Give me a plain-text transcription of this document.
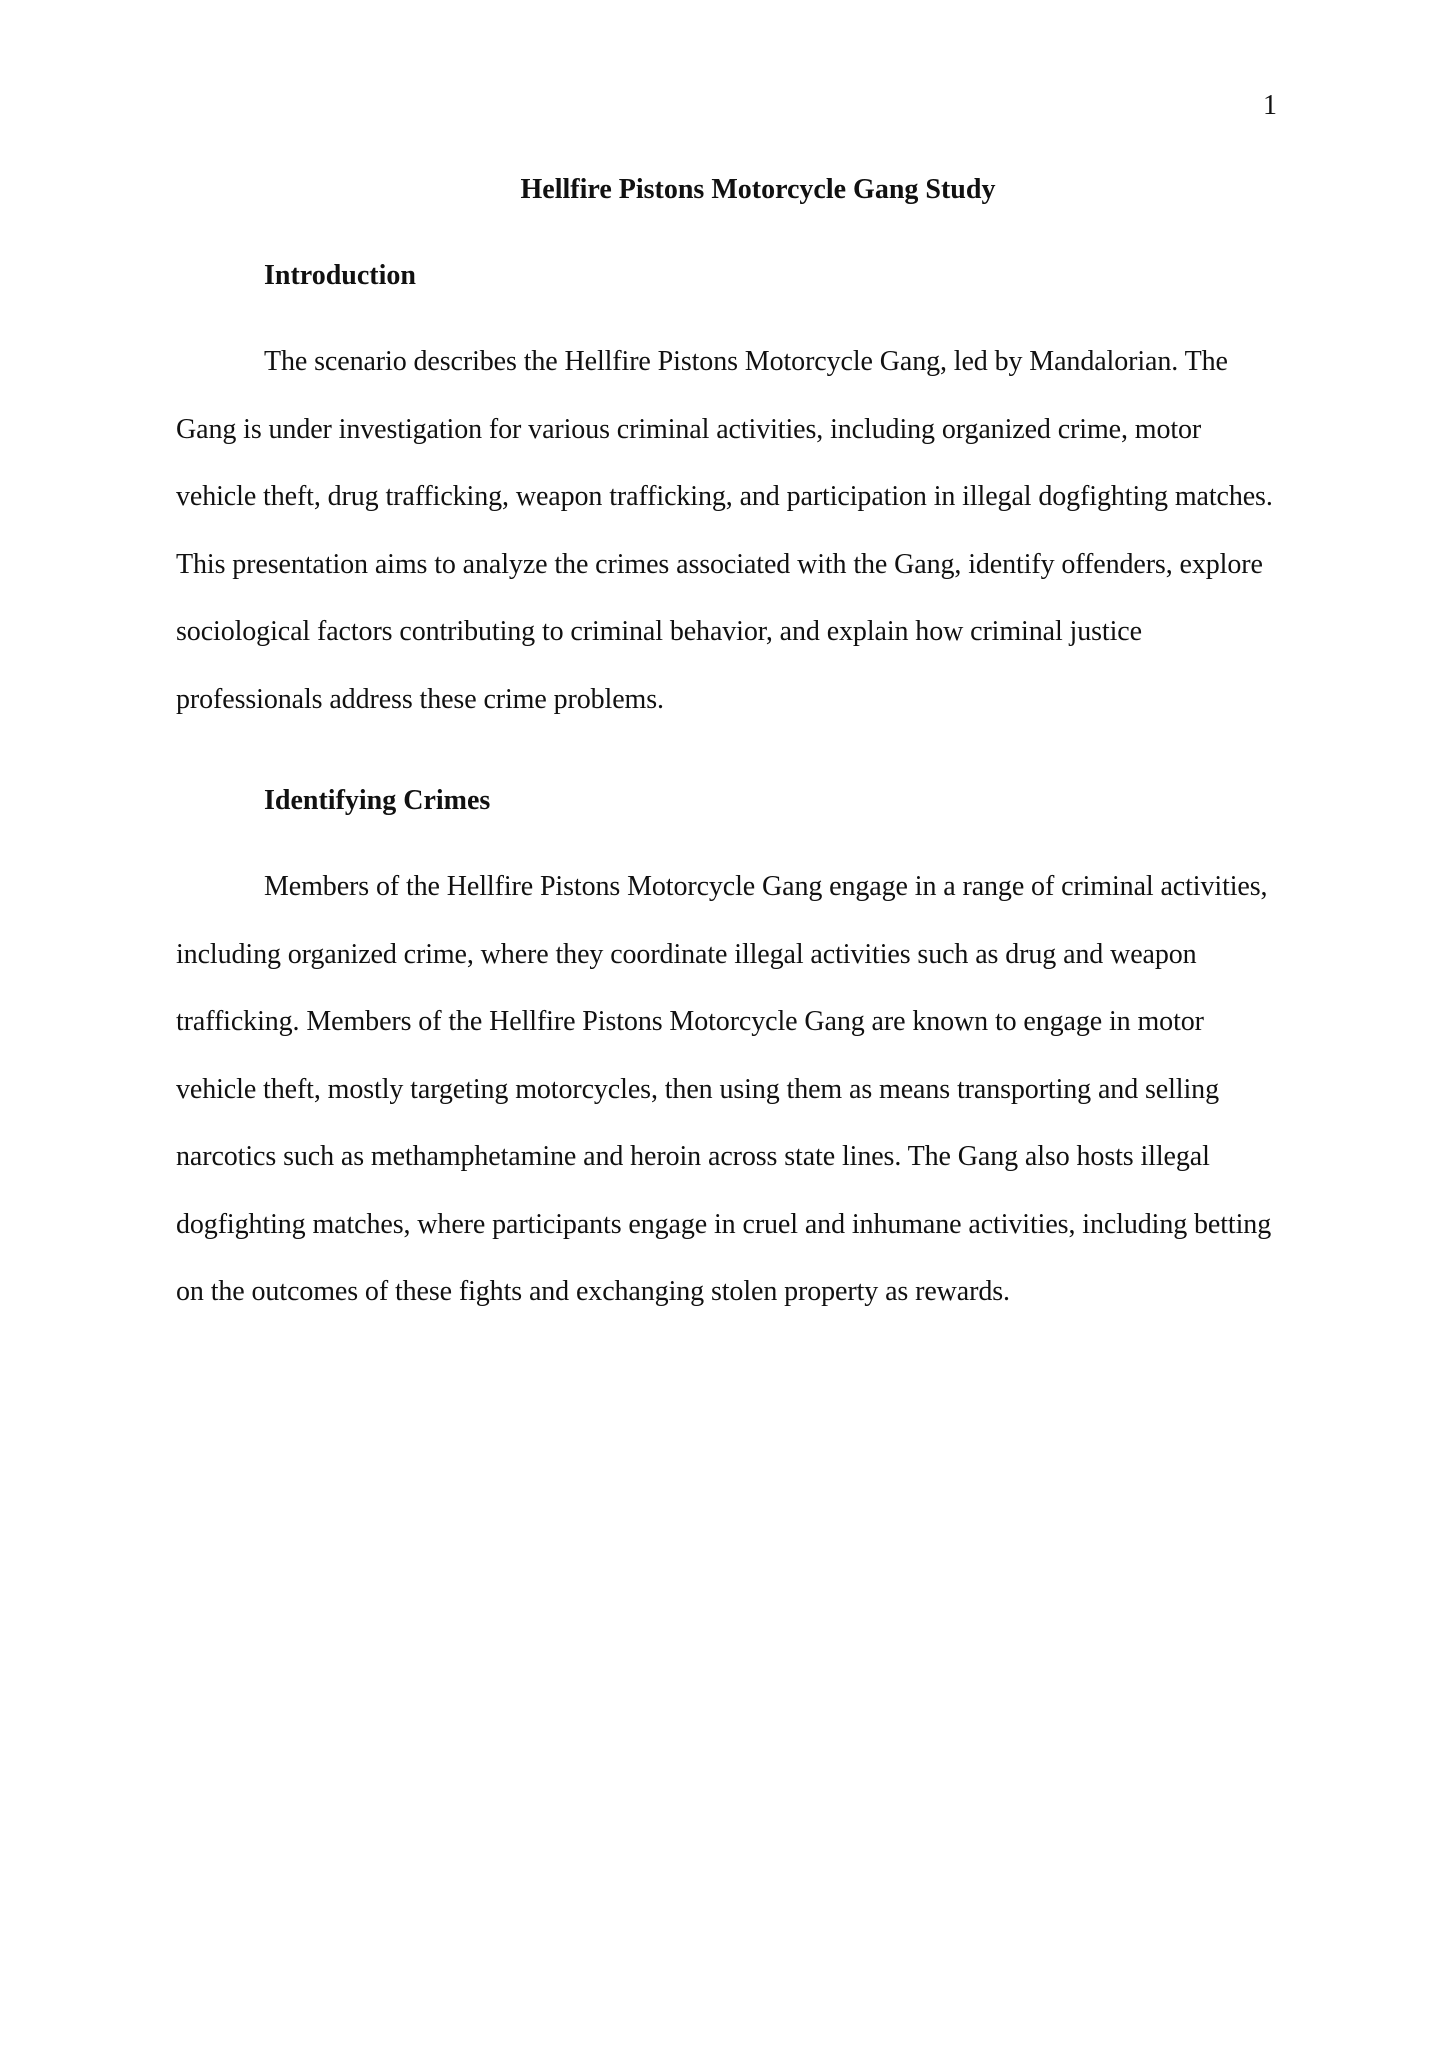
1
Hellfire Pistons Motorcycle Gang Study
Introduction

The scenario describes the Hellfire Pistons Motorcycle Gang, led by Mandalorian. The Gang is under investigation for various criminal activities, including organized crime, motor vehicle theft, drug trafficking, weapon trafficking, and participation in illegal dogfighting matches. This presentation aims to analyze the crimes associated with the Gang, identify offenders, explore sociological factors contributing to criminal behavior, and explain how criminal justice professionals address these crime problems.

Identifying Crimes

Members of the Hellfire Pistons Motorcycle Gang engage in a range of criminal activities, including organized crime, where they coordinate illegal activities such as drug and weapon trafficking. Members of the Hellfire Pistons Motorcycle Gang are known to engage in motor vehicle theft, mostly targeting motorcycles, then using them as means transporting and selling narcotics such as methamphetamine and heroin across state lines. The Gang also hosts illegal dogfighting matches, where participants engage in cruel and inhumane activities, including betting on the outcomes of these fights and exchanging stolen property as rewards.
